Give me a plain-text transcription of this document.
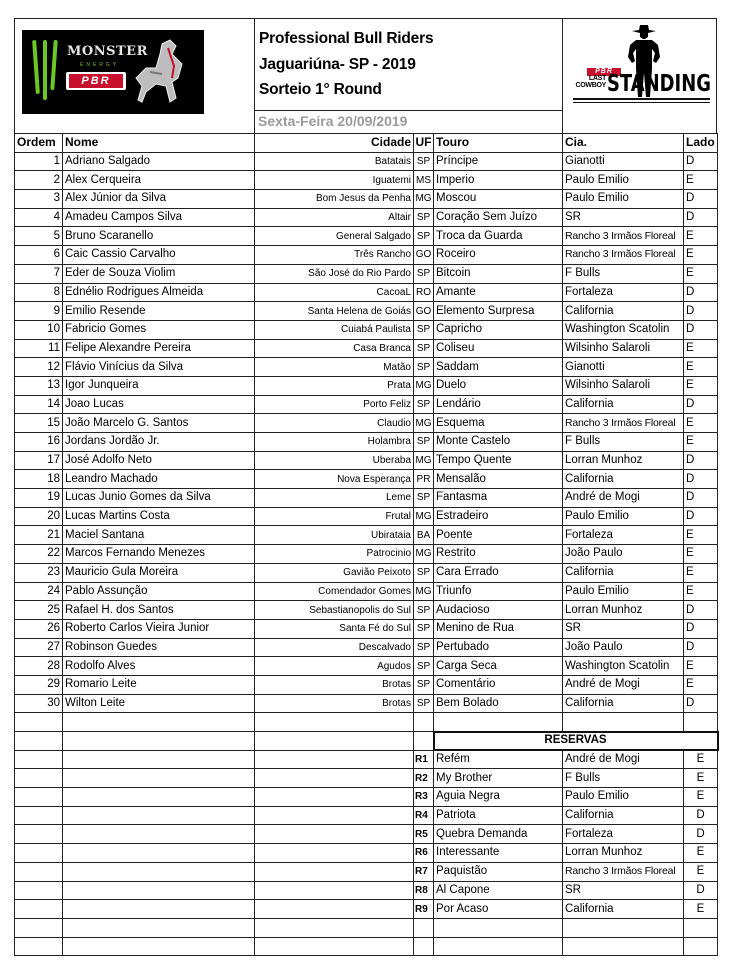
MONSTER
ENERGY
PBR
Professional Bull Riders
Jaguariúna- SP - 2019
Sorteio 1° Round
Sexta-Feira 20/09/2019
PBR
LAST
COWBOY STANDING
Ordem	Nome	Cidade	UF	Touro	Cia.	Lado
1	Adriano Salgado	Batatais	SP	Príncipe	Gianotti	D
2	Alex Cerqueira	Iguatemi	MS	Imperio	Paulo Emilio	E
3	Alex Júnior da Silva	Bom Jesus da Penha	MG	Moscou	Paulo Emilio	D
4	Amadeu Campos Silva	Altair	SP	Coração Sem Juízo	SR	D
5	Bruno Scaranello	General Salgado	SP	Troca da Guarda	Rancho 3 Irmãos Floreal	E
6	Caic Cassio Carvalho	Três Rancho	GO	Roceiro	Rancho 3 Irmãos Floreal	E
7	Eder de Souza Violim	São José do Rio Pardo	SP	Bitcoin	F Bulls	E
8	Ednélio Rodrigues Almeida	CacoaL	RO	Amante	Fortaleza	D
9	Emilio Resende	Santa Helena de Goiás	GO	Elemento Surpresa	California	D
10	Fabricio Gomes	Cuiabá Paulista	SP	Capricho	Washington Scatolin	D
11	Felipe Alexandre Pereira	Casa Branca	SP	Coliseu	Wilsinho Salaroli	E
12	Flávio Vinícius da Silva	Matão	SP	Saddam	Gianotti	E
13	Igor Junqueira	Prata	MG	Duelo	Wilsinho Salaroli	E
14	Joao Lucas	Porto Feliz	SP	Lendário	California	D
15	João Marcelo G. Santos	Claudio	MG	Esquema	Rancho 3 Irmãos Floreal	E
16	Jordans Jordão Jr.	Holambra	SP	Monte Castelo	F Bulls	E
17	José Adolfo Neto	Uberaba	MG	Tempo Quente	Lorran Munhoz	D
18	Leandro Machado	Nova Esperança	PR	Mensalão	California	D
19	Lucas Junio Gomes da Silva	Leme	SP	Fantasma	André de Mogi	D
20	Lucas Martins Costa	Frutal	MG	Estradeiro	Paulo Emilio	D
21	Maciel Santana	Ubirataia	BA	Poente	Fortaleza	E
22	Marcos Fernando Menezes	Patrocinio	MG	Restrito	João Paulo	E
23	Mauricio Gula Moreira	Gavião Peixoto	SP	Cara Errado	California	E
24	Pablo Assunção	Comendador Gomes	MG	Triunfo	Paulo Emilio	E
25	Rafael H. dos Santos	Sebastianopolis do Sul	SP	Audacioso	Lorran Munhoz	D
26	Roberto Carlos Vieira Junior	Santa Fé do Sul	SP	Menino de Rua	SR	D
27	Robinson Guedes	Descalvado	SP	Pertubado	João Paulo	D
28	Rodolfo Alves	Agudos	SP	Carga Seca	Washington Scatolin	E
29	Romario Leite	Brotas	SP	Comentário	André de Mogi	E
30	Wilton Leite	Brotas	SP	Bem Bolado	California	D

				RESERVAS		
			R1	Refém	André de Mogi	E
			R2	My Brother	F Bulls	E
			R3	Aguia Negra	Paulo Emilio	E
			R4	Patriota	California	D
			R5	Quebra Demanda	Fortaleza	D
			R6	Interessante	Lorran Munhoz	E
			R7	Paquistão	Rancho 3 Irmãos Floreal	E
			R8	Al Capone	SR	D
			R9	Por Acaso	California	E
